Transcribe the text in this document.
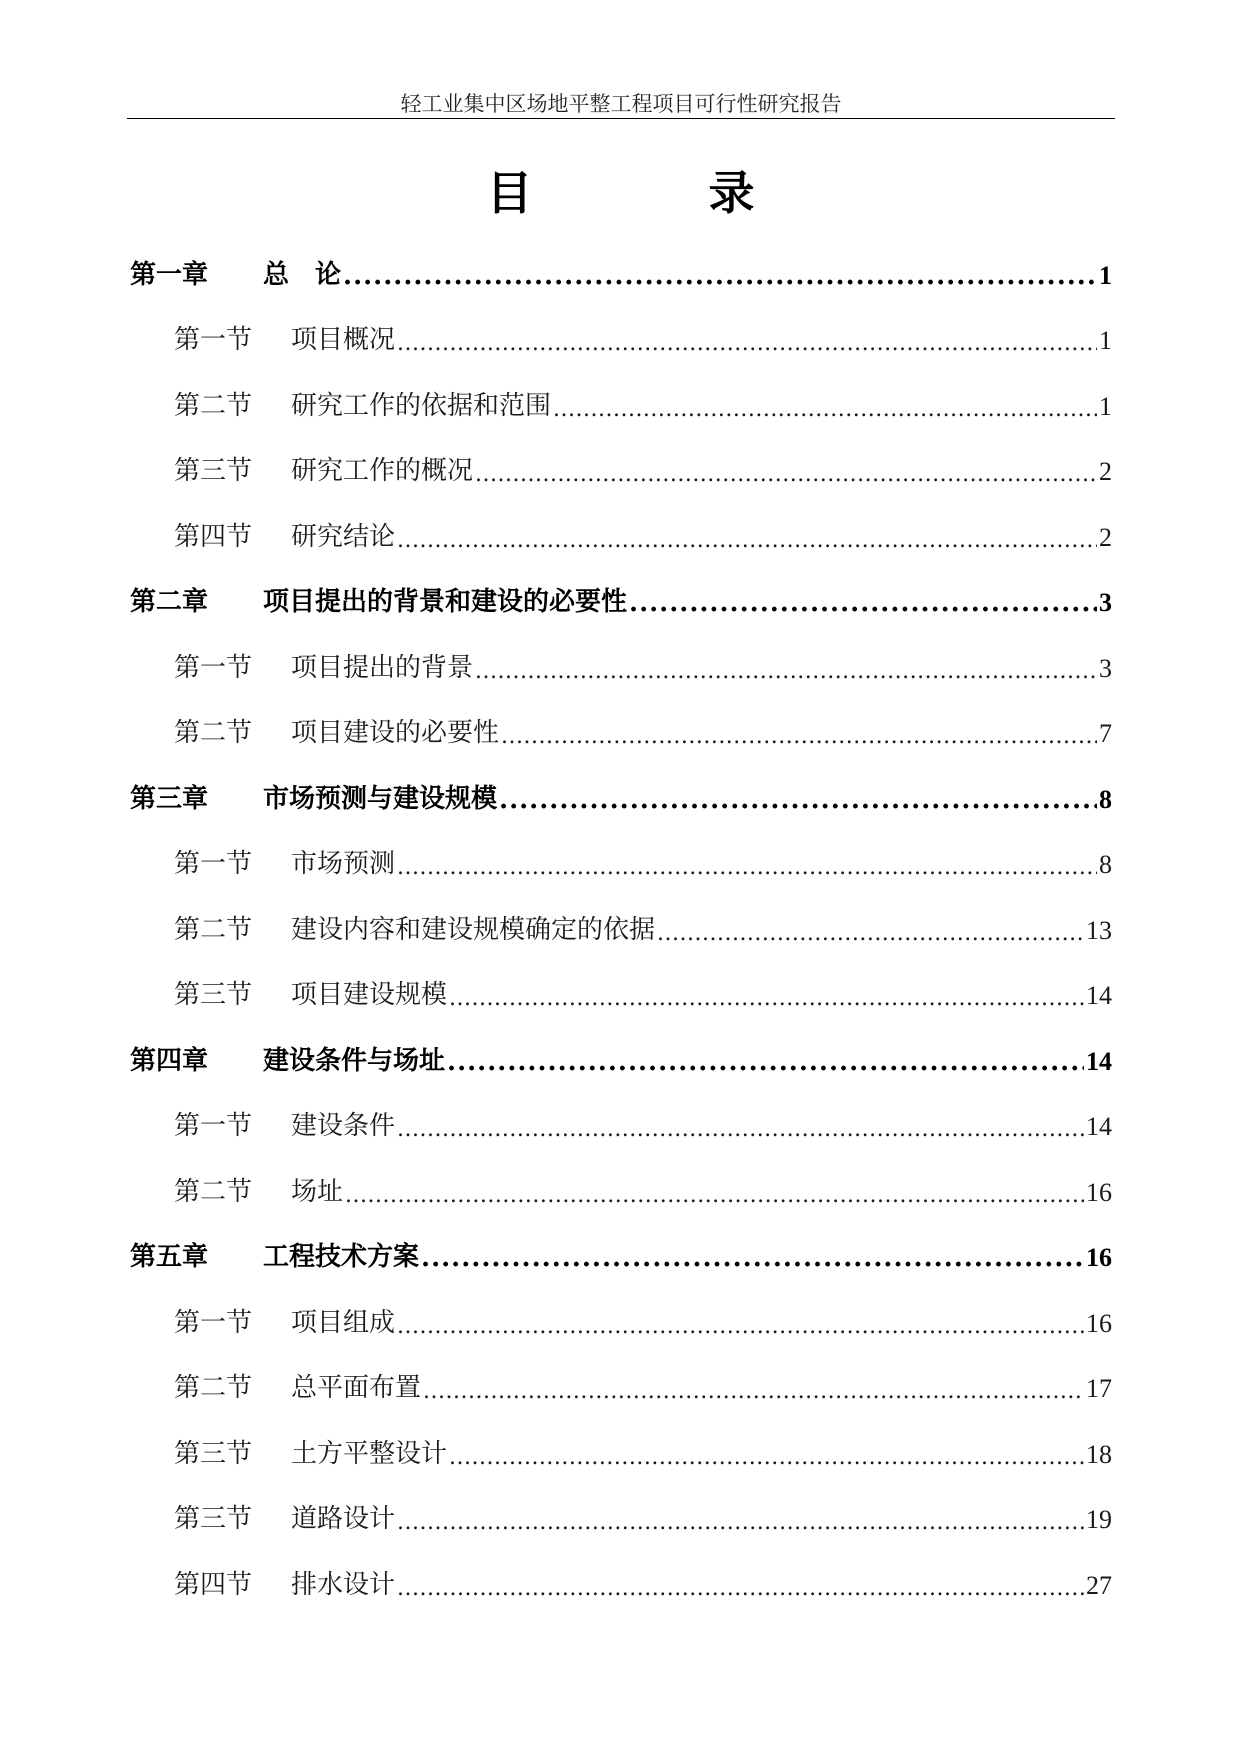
轻工业集中区场地平整工程项目可行性研究报告
目 录
第一章	总　论 .....	1
第一节	项目概况 .....	1
第二节	研究工作的依据和范围 .....	1
第三节	研究工作的概况 .....	2
第四节	研究结论 .....	2
第二章	项目提出的背景和建设的必要性 .....	3
第一节	项目提出的背景 .....	3
第二节	项目建设的必要性 .....	7
第三章	市场预测与建设规模 .....	8
第一节	市场预测 .....	8
第二节	建设内容和建设规模确定的依据 .....	13
第三节	项目建设规模 .....	14
第四章	建设条件与场址 .....	14
第一节	建设条件 .....	14
第二节	场址 .....	16
第五章	工程技术方案 .....	16
第一节	项目组成 .....	16
第二节	总平面布置 .....	17
第三节	土方平整设计 .....	18
第三节	道路设计 .....	19
第四节	排水设计 .....	27
